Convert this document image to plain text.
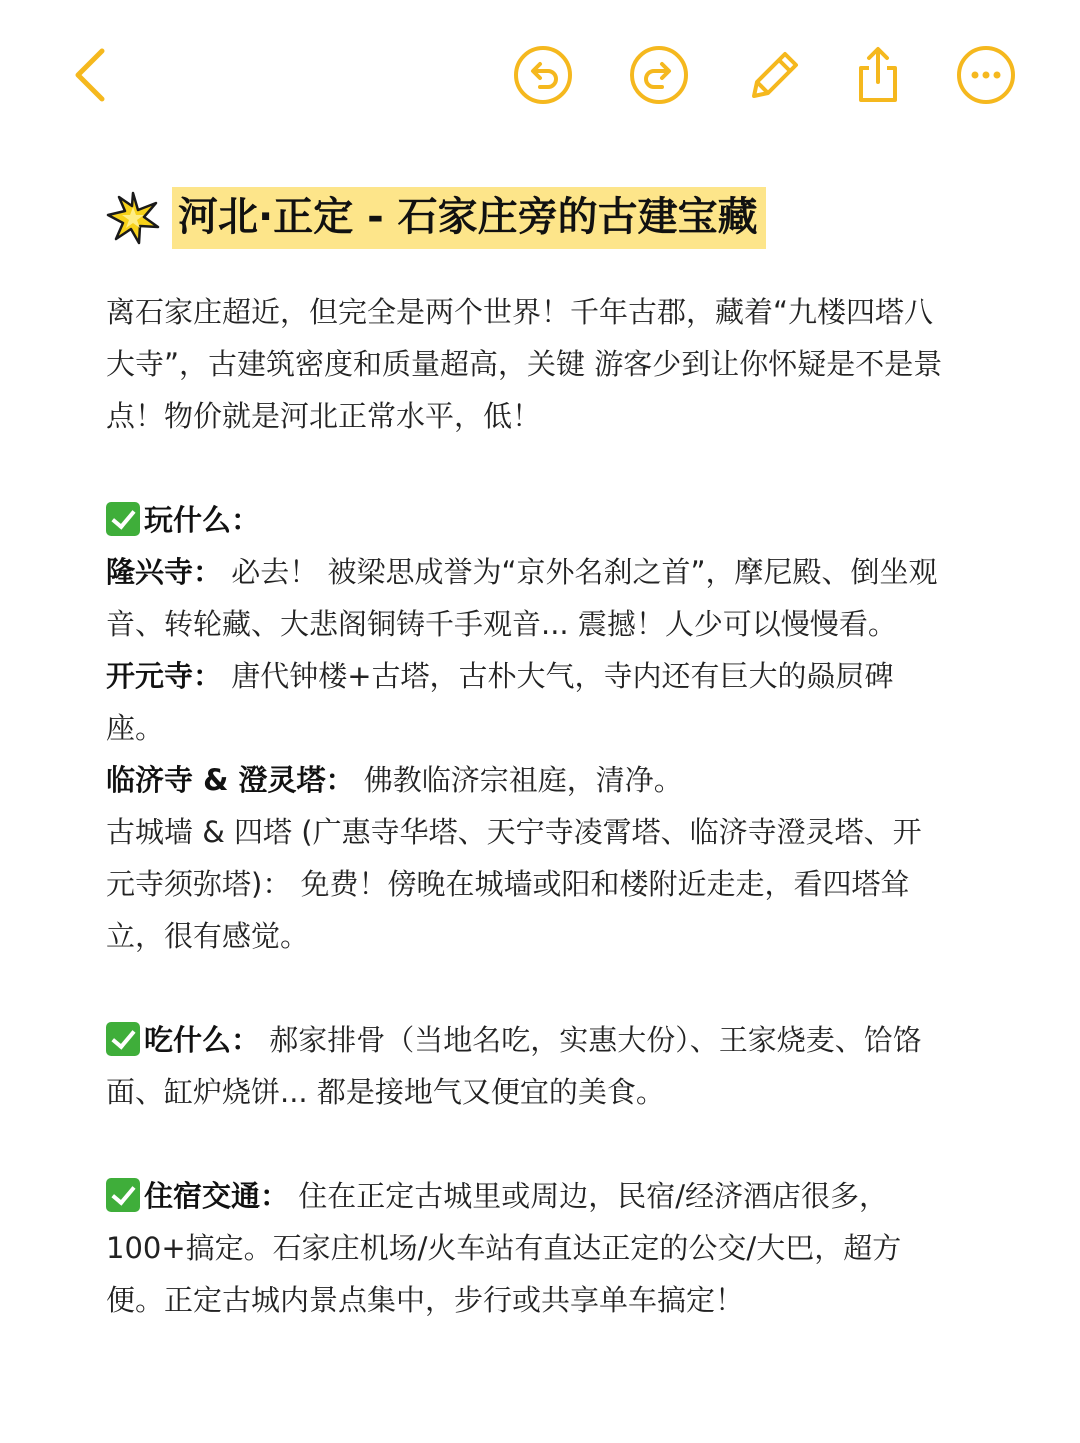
河北·正定 - 石家庄旁的古建宝藏

离石家庄超近，但完全是两个世界！千年古郡，藏着“九楼四塔八大寺”，古建筑密度和质量超高，关键 游客少到让你怀疑是不是景点！物价就是河北正常水平，低！

玩什么：

隆兴寺： 必去！ 被梁思成誉为“京外名刹之首”，摩尼殿、倒坐观音、转轮藏、大悲阁铜铸千手观音... 震撼！人少可以慢慢看。

开元寺： 唐代钟楼+古塔，古朴大气，寺内还有巨大的赑屃碑座。

临济寺 & 澄灵塔： 佛教临济宗祖庭，清净。

古城墙 & 四塔 (广惠寺华塔、天宁寺凌霄塔、临济寺澄灵塔、开元寺须弥塔)： 免费！傍晚在城墙或阳和楼附近走走，看四塔耸立，很有感觉。

吃什么： 郝家排骨（当地名吃，实惠大份）、王家烧麦、饸饹面、缸炉烧饼... 都是接地气又便宜的美食。

住宿交通： 住在正定古城里或周边，民宿/经济酒店很多，100+搞定。石家庄机场/火车站有直达正定的公交/大巴，超方便。正定古城内景点集中，步行或共享单车搞定！
